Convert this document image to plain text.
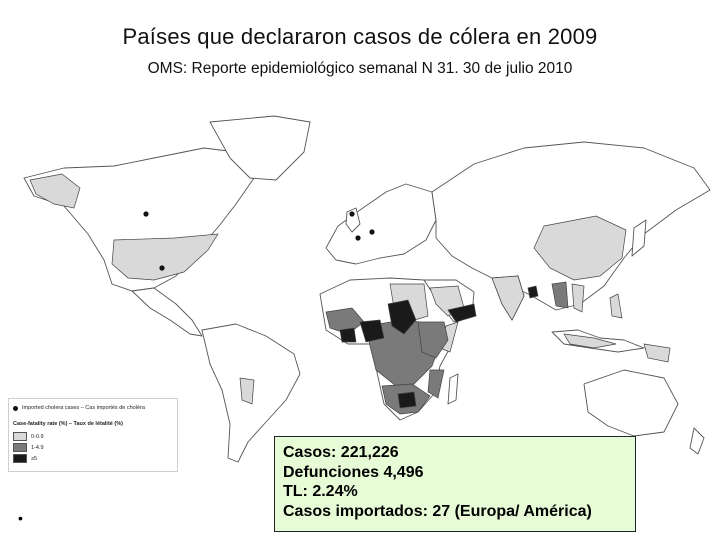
Países que declararon casos de cólera en 2009
OMS: Reporte epidemiológico semanal N 31. 30 de julio 2010
Imported cholera cases – Cas importés de choléra
Case-fatality rate (%) – Taux de létalité (%)
0-0.9
1-4.9
≥5	Casos: 221,226
Defunciones 4,496
TL: 2.24%
Casos importados: 27 (Europa/ América)
•
